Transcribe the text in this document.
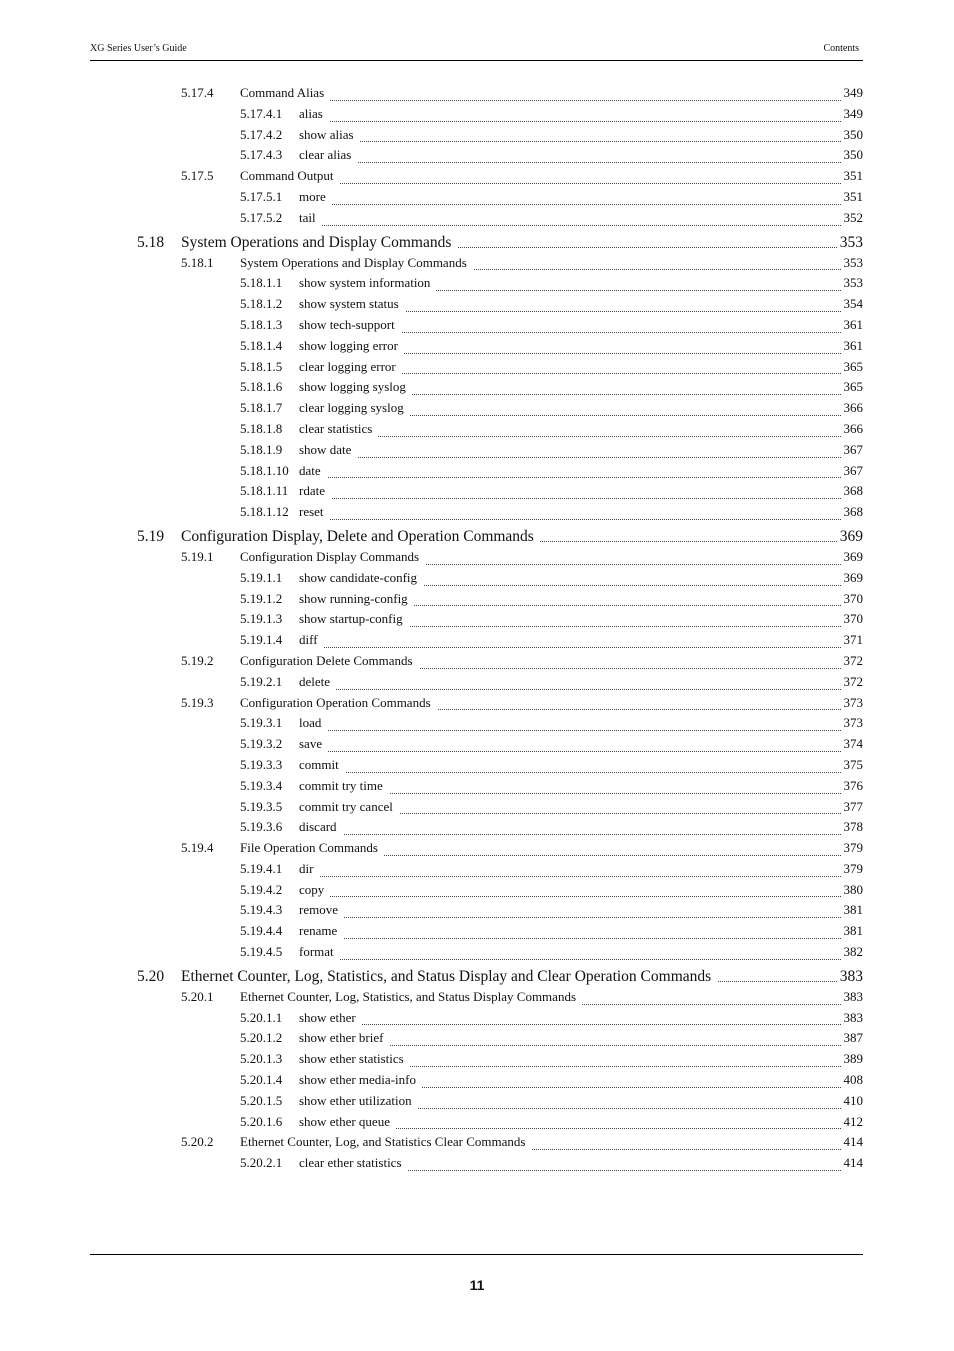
XG Series User’s Guide	Contents
5.17.4 Command Alias	349
5.17.4.1 alias	349
5.17.4.2 show alias	350
5.17.4.3 clear alias	350
5.17.5 Command Output	351
5.17.5.1 more	351
5.17.5.2 tail	352
5.18 System Operations and Display Commands	353
5.18.1 System Operations and Display Commands	353
5.18.1.1 show system information	353
5.18.1.2 show system status	354
5.18.1.3 show tech-support	361
5.18.1.4 show logging error	361
5.18.1.5 clear logging error	365
5.18.1.6 show logging syslog	365
5.18.1.7 clear logging syslog	366
5.18.1.8 clear statistics	366
5.18.1.9 show date	367
5.18.1.10 date	367
5.18.1.11 rdate	368
5.18.1.12 reset	368
5.19 Configuration Display, Delete and Operation Commands	369
5.19.1 Configuration Display Commands	369
5.19.1.1 show candidate-config	369
5.19.1.2 show running-config	370
5.19.1.3 show startup-config	370
5.19.1.4 diff	371
5.19.2 Configuration Delete Commands	372
5.19.2.1 delete	372
5.19.3 Configuration Operation Commands	373
5.19.3.1 load	373
5.19.3.2 save	374
5.19.3.3 commit	375
5.19.3.4 commit try time	376
5.19.3.5 commit try cancel	377
5.19.3.6 discard	378
5.19.4 File Operation Commands	379
5.19.4.1 dir	379
5.19.4.2 copy	380
5.19.4.3 remove	381
5.19.4.4 rename	381
5.19.4.5 format	382
5.20 Ethernet Counter, Log, Statistics, and Status Display and Clear Operation Commands	383
5.20.1 Ethernet Counter, Log, Statistics, and Status Display Commands	383
5.20.1.1 show ether	383
5.20.1.2 show ether brief	387
5.20.1.3 show ether statistics	389
5.20.1.4 show ether media-info	408
5.20.1.5 show ether utilization	410
5.20.1.6 show ether queue	412
5.20.2 Ethernet Counter, Log, and Statistics Clear Commands	414
5.20.2.1 clear ether statistics	414
11
